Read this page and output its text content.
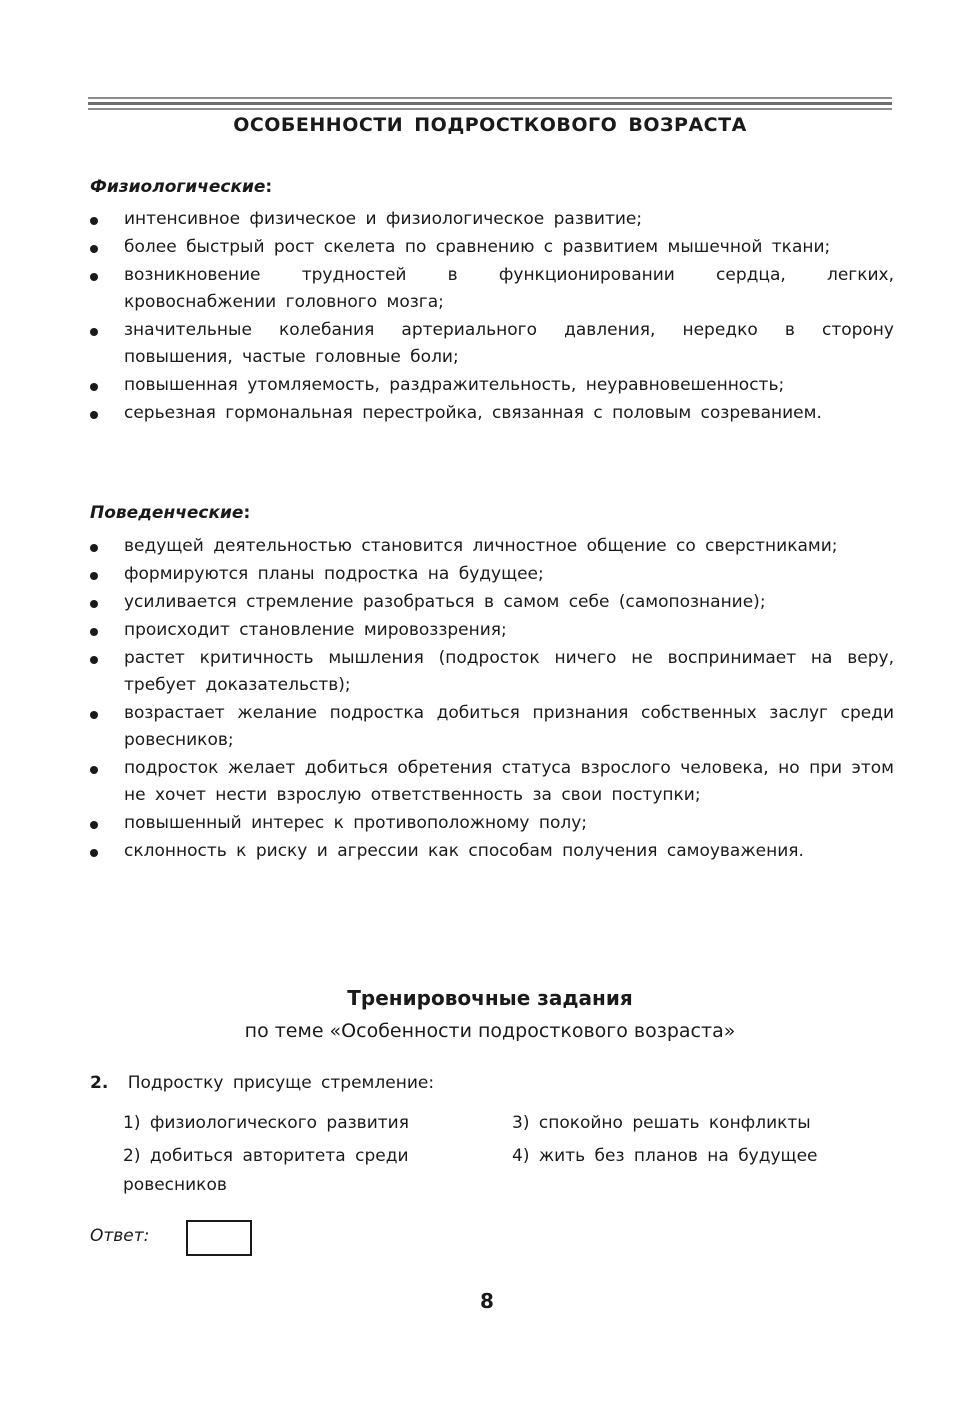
ОСОБЕННОСТИ ПОДРОСТКОВОГО ВОЗРАСТА
Физиологические:
интенсивное физическое и физиологическое развитие;
более быстрый рост скелета по сравнению с развитием мышечной ткани;
возникновение трудностей в функционировании сердца, легких, кровоснабжении головного мозга;
значительные колебания артериального давления, нередко в сторону повышения, частые головные боли;
повышенная утомляемость, раздражительность, неуравновешенность;
серьезная гормональная перестройка, связанная с половым созреванием.
Поведенческие:
ведущей деятельностью становится личностное общение со сверстниками;
формируются планы подростка на будущее;
усиливается стремление разобраться в самом себе (самопознание);
происходит становление мировоззрения;
растет критичность мышления (подросток ничего не воспринимает на веру, требует доказательств);
возрастает желание подростка добиться признания собственных заслуг среди ровесников;
подросток желает добиться обретения статуса взрослого человека, но при этом не хочет нести взрослую ответственность за свои поступки;
повышенный интерес к противоположному полу;
склонность к риску и агрессии как способам получения самоуважения.
Тренировочные задания
по теме «Особенности подросткового возраста»
2. Подростку присуще стремление:
1) физиологического развития
2) добиться авторитета среди ровесников
3) спокойно решать конфликты
4) жить без планов на будущее
Ответ:
8
